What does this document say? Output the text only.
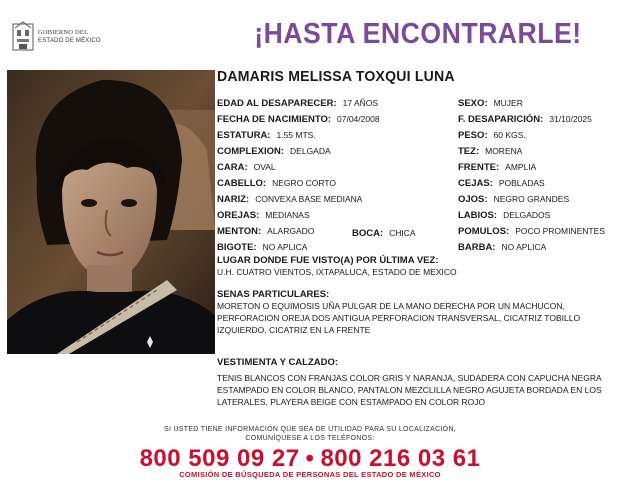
GOBIERNO DEL
ESTADO DE MÉXICO	¡HASTA ENCONTRARLE!
DAMARIS MELISSA TOXQUI LUNA
EDAD AL DESAPARECER: 17 AÑOS
FECHA DE NACIMIENTO: 07/04/2008
ESTATURA: 1.55 MTS.
COMPLEXION: DELGADA
CARA: OVAL
CABELLO: NEGRO CORTO
NARIZ: CONVEXA BASE MEDIANA
OREJAS: MEDIANAS
MENTON: ALARGADO	BOCA: CHICA
BIGOTE: NO APLICA
SEXO: MUJER
F. DESAPARICIÓN: 31/10/2025
PESO: 60 KGS.
TEZ: MORENA
FRENTE: AMPLIA
CEJAS: POBLADAS
OJOS: NEGRO GRANDES
LABIOS: DELGADOS
POMULOS: POCO PROMINENTES
BARBA: NO APLICA
LUGAR DONDE FUE VISTO(A) POR ÚLTIMA VEZ:
U.H. CUATRO VIENTOS, IXTAPALUCA, ESTADO DE MEXICO
SENAS PARTICULARES:
MORETON O EQUIMOSIS UÑA PULGAR DE LA MANO DERECHA POR UN MACHUCON, PERFORACION OREJA DOS ANTIGUA PERFORACION TRANSVERSAL, CICATRIZ TOBILLO IZQUIERDO, CICATRIZ EN LA FRENTE
VESTIMENTA Y CALZADO:
TENIS BLANCOS CON FRANJAS COLOR GRIS Y NARANJA, SUDADERA CON CAPUCHA NEGRA ESTAMPADO EN COLOR BLANCO, PANTALON MEZCLILLA NEGRO AGUJETA BORDADA EN LOS LATERALES, PLAYERA BEIGE CON ESTAMPADO EN COLOR ROJO
SI USTED TIENE INFORMACIÓN QUE SEA DE UTILIDAD PARA SU LOCALIZACIÓN,
COMUNÍQUESE A LOS TELÉFONOS:
800 509 09 27 • 800 216 03 61
COMISIÓN DE BÚSQUEDA DE PERSONAS DEL ESTADO DE MÉXICO
